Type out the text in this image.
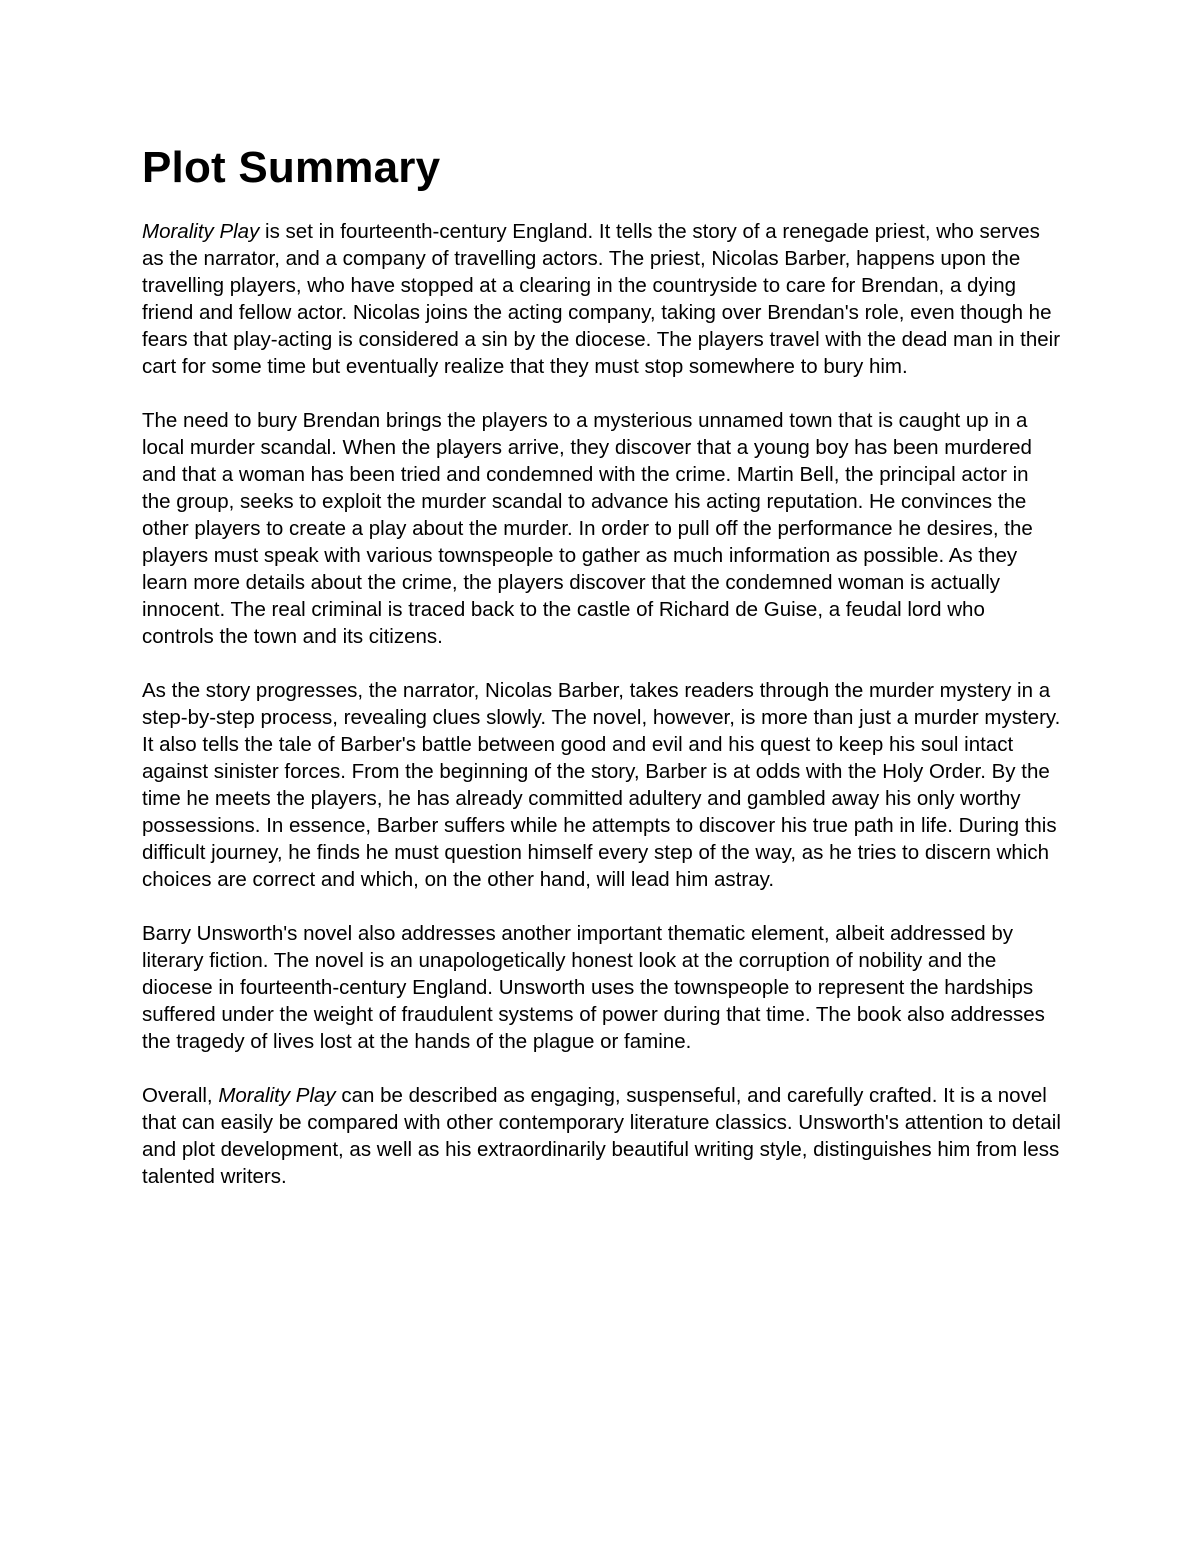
Plot Summary

Morality Play is set in fourteenth-century England. It tells the story of a renegade priest, who serves as the narrator, and a company of travelling actors. The priest, Nicolas Barber, happens upon the travelling players, who have stopped at a clearing in the countryside to care for Brendan, a dying friend and fellow actor. Nicolas joins the acting company, taking over Brendan's role, even though he fears that play-acting is considered a sin by the diocese. The players travel with the dead man in their cart for some time but eventually realize that they must stop somewhere to bury him.

The need to bury Brendan brings the players to a mysterious unnamed town that is caught up in a local murder scandal. When the players arrive, they discover that a young boy has been murdered and that a woman has been tried and condemned with the crime. Martin Bell, the principal actor in the group, seeks to exploit the murder scandal to advance his acting reputation. He convinces the other players to create a play about the murder. In order to pull off the performance he desires, the players must speak with various townspeople to gather as much information as possible. As they learn more details about the crime, the players discover that the condemned woman is actually innocent. The real criminal is traced back to the castle of Richard de Guise, a feudal lord who controls the town and its citizens.

As the story progresses, the narrator, Nicolas Barber, takes readers through the murder mystery in a step-by-step process, revealing clues slowly. The novel, however, is more than just a murder mystery. It also tells the tale of Barber's battle between good and evil and his quest to keep his soul intact against sinister forces. From the beginning of the story, Barber is at odds with the Holy Order. By the time he meets the players, he has already committed adultery and gambled away his only worthy possessions. In essence, Barber suffers while he attempts to discover his true path in life. During this difficult journey, he finds he must question himself every step of the way, as he tries to discern which choices are correct and which, on the other hand, will lead him astray.

Barry Unsworth's novel also addresses another important thematic element, albeit addressed by literary fiction. The novel is an unapologetically honest look at the corruption of nobility and the diocese in fourteenth-century England. Unsworth uses the townspeople to represent the hardships suffered under the weight of fraudulent systems of power during that time. The book also addresses the tragedy of lives lost at the hands of the plague or famine.

Overall, Morality Play can be described as engaging, suspenseful, and carefully crafted. It is a novel that can easily be compared with other contemporary literature classics. Unsworth's attention to detail and plot development, as well as his extraordinarily beautiful writing style, distinguishes him from less talented writers.
